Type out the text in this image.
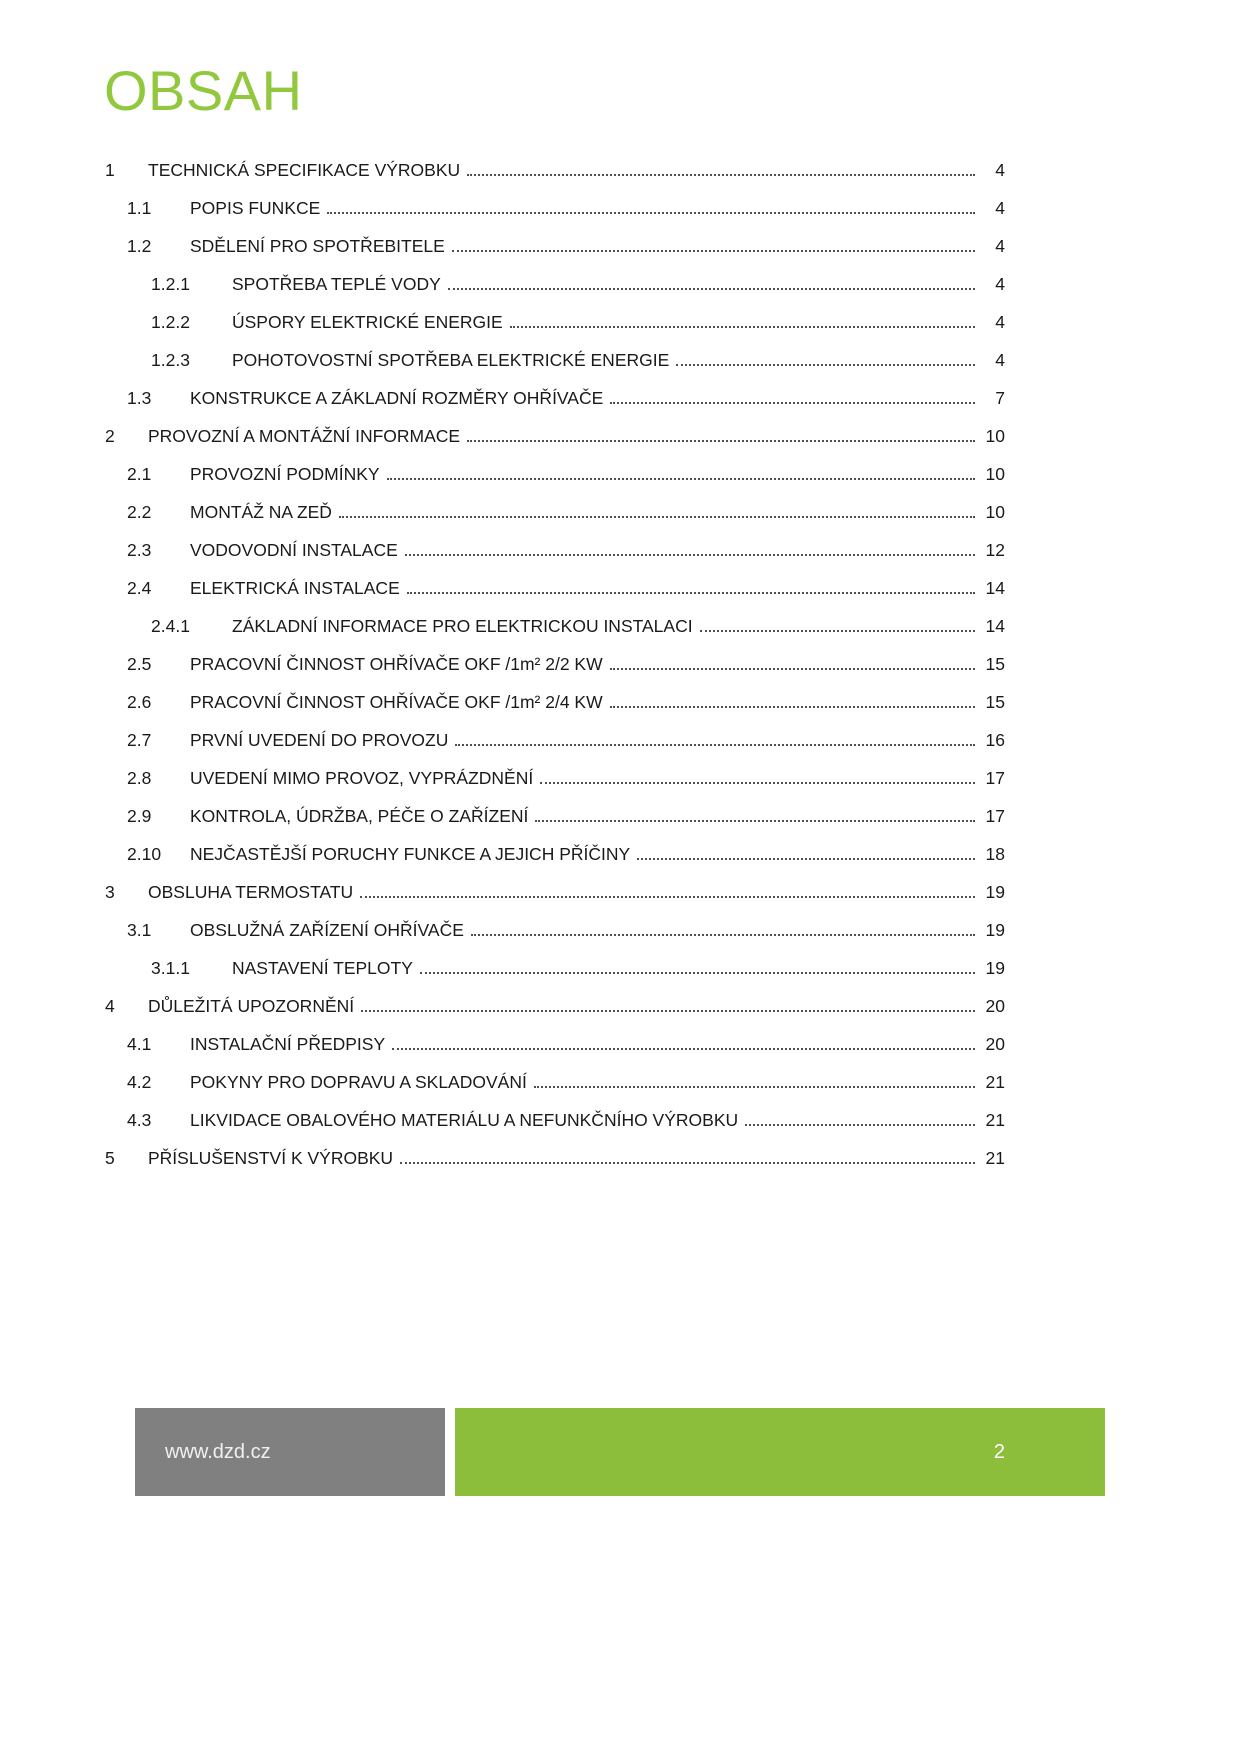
OBSAH
1	TECHNICKÁ SPECIFIKACE VÝROBKU	4
1.1	POPIS FUNKCE	4
1.2	SDĚLENÍ PRO SPOTŘEBITELE	4
1.2.1	SPOTŘEBA TEPLÉ VODY	4
1.2.2	ÚSPORY ELEKTRICKÉ ENERGIE	4
1.2.3	POHOTOVOSTNÍ SPOTŘEBA ELEKTRICKÉ ENERGIE	4
1.3	KONSTRUKCE A ZÁKLADNÍ ROZMĚRY OHŘÍVAČE	7
2	PROVOZNÍ A MONTÁŽNÍ INFORMACE	10
2.1	PROVOZNÍ PODMÍNKY	10
2.2	MONTÁŽ NA ZEĎ	10
2.3	VODOVODNÍ INSTALACE	12
2.4	ELEKTRICKÁ INSTALACE	14
2.4.1	ZÁKLADNÍ INFORMACE PRO ELEKTRICKOU INSTALACI	14
2.5	PRACOVNÍ ČINNOST OHŘÍVAČE OKF /1m² 2/2 KW	15
2.6	PRACOVNÍ ČINNOST OHŘÍVAČE OKF /1m² 2/4 KW	15
2.7	PRVNÍ UVEDENÍ DO PROVOZU	16
2.8	UVEDENÍ MIMO PROVOZ, VYPRÁZDNĚNÍ	17
2.9	KONTROLA, ÚDRŽBA, PÉČE O ZAŘÍZENÍ	17
2.10	NEJČASTĚJŠÍ PORUCHY FUNKCE A JEJICH PŘÍČINY	18
3	OBSLUHA TERMOSTATU	19
3.1	OBSLUŽNÁ ZAŘÍZENÍ OHŘÍVAČE	19
3.1.1	NASTAVENÍ TEPLOTY	19
4	DŮLEŽITÁ UPOZORNĚNÍ	20
4.1	INSTALAČNÍ PŘEDPISY	20
4.2	POKYNY PRO DOPRAVU A SKLADOVÁNÍ	21
4.3	LIKVIDACE OBALOVÉHO MATERIÁLU A NEFUNKČNÍHO VÝROBKU	21
5	PŘÍSLUŠENSTVÍ K VÝROBKU	21
www.dzd.cz	2
